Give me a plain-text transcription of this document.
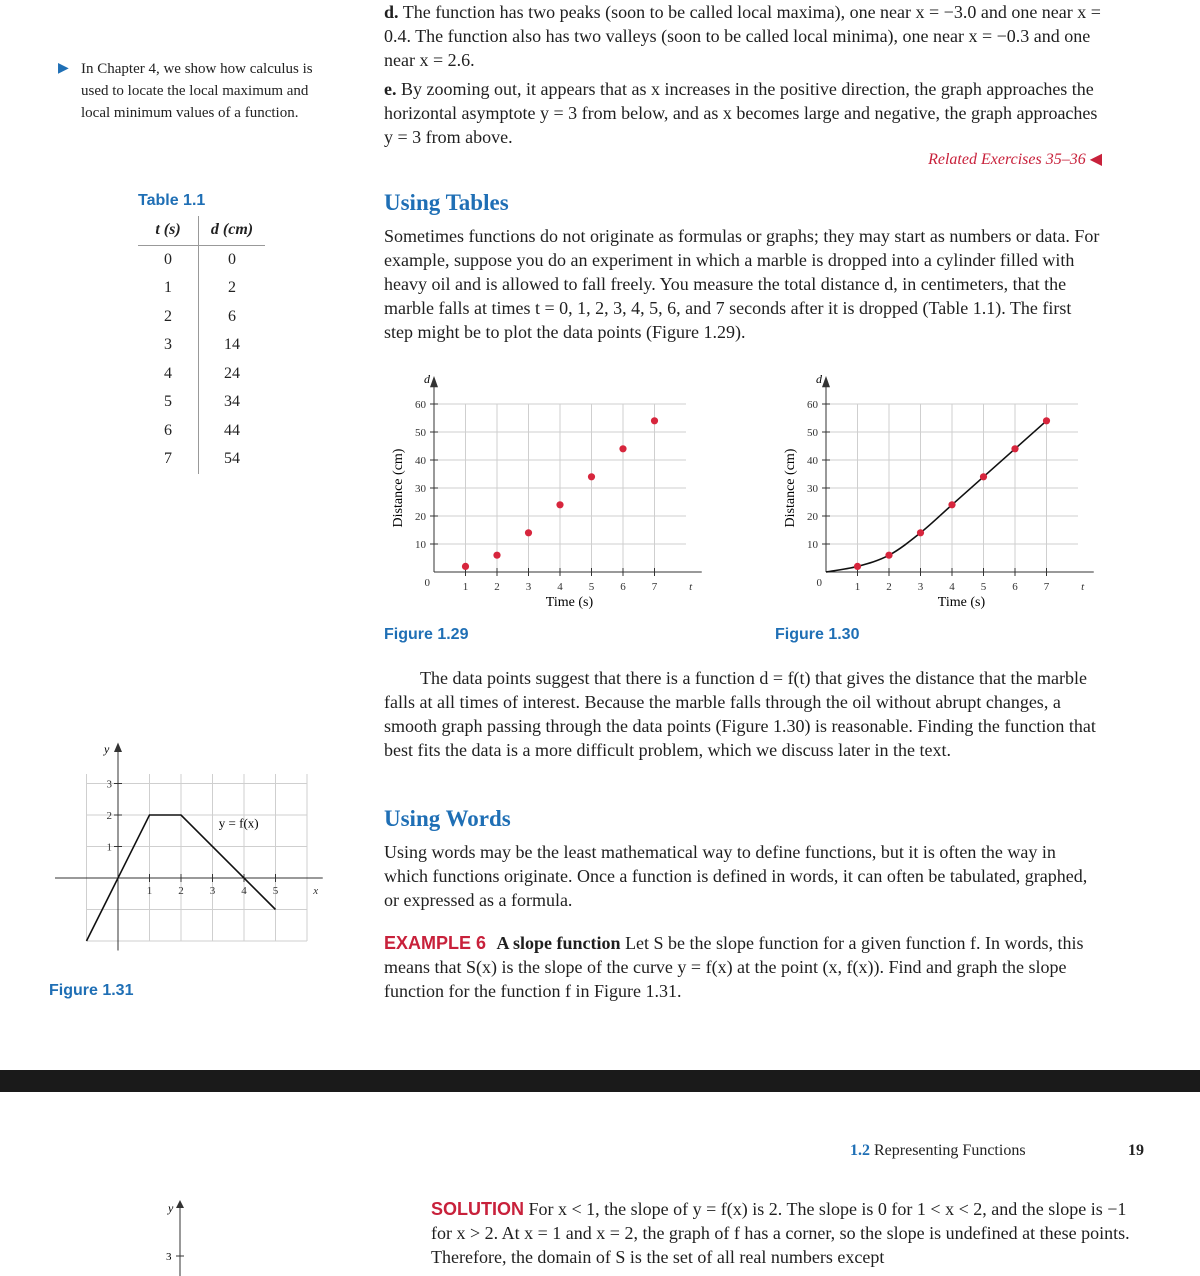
d. The function has two peaks (soon to be called local maxima), one near x = −3.0 and one near x = 0.4. The function also has two valleys (soon to be called local minima), one near x = −0.3 and one near x = 2.6.
e. By zooming out, it appears that as x increases in the positive direction, the graph approaches the horizontal asymptote y = 3 from below, and as x becomes large and negative, the graph approaches y = 3 from above.
Related Exercises 35–36 ◀
▶ In Chapter 4, we show how calculus is used to locate the local maximum and local minimum values of a function.
Table 1.1
t (s)	d (cm)
0	0
1	2
2	6
3	14
4	24
5	34
6	44
7	54
Using Tables
Sometimes functions do not originate as formulas or graphs; they may start as numbers or data. For example, suppose you do an experiment in which a marble is dropped into a cylinder filled with heavy oil and is allowed to fall freely. You measure the total distance d, in centimeters, that the marble falls at times t = 0, 1, 2, 3, 4, 5, 6, and 7 seconds after it is dropped (Table 1.1). The first step might be to plot the data points (Figure 1.29).
10
20
30
40
50
60
1 2 3 4 5 6 7
0	t
d
Time (s)
Distance (cm)
Figure 1.29
10
20
30
40
50
60
1 2 3 4 5 6 7
0	t
d
Time (s)
Distance (cm)
Figure 1.30
The data points suggest that there is a function d = f(t) that gives the distance that the marble falls at all times of interest. Because the marble falls through the oil without abrupt changes, a smooth graph passing through the data points (Figure 1.30) is reasonable. Finding the function that best fits the data is a more difficult problem, which we discuss later in the text.
Using Words
Using words may be the least mathematical way to define functions, but it is often the way in which functions originate. Once a function is defined in words, it can often be tabulated, graphed, or expressed as a formula.
EXAMPLE 6 A slope function Let S be the slope function for a given function f. In words, this means that S(x) is the slope of the curve y = f(x) at the point (x, f(x)). Find and graph the slope function for the function f in Figure 1.31.
1
2
3
1 2 3 4 5	x
y
y = f(x)
Figure 1.31
1.2 Representing Functions	19
SOLUTION For x < 1, the slope of y = f(x) is 2. The slope is 0 for 1 < x < 2, and the slope is −1 for x > 2. At x = 1 and x = 2, the graph of f has a corner, so the slope is undefined at these points. Therefore, the domain of S is the set of all real numbers except
y
3
